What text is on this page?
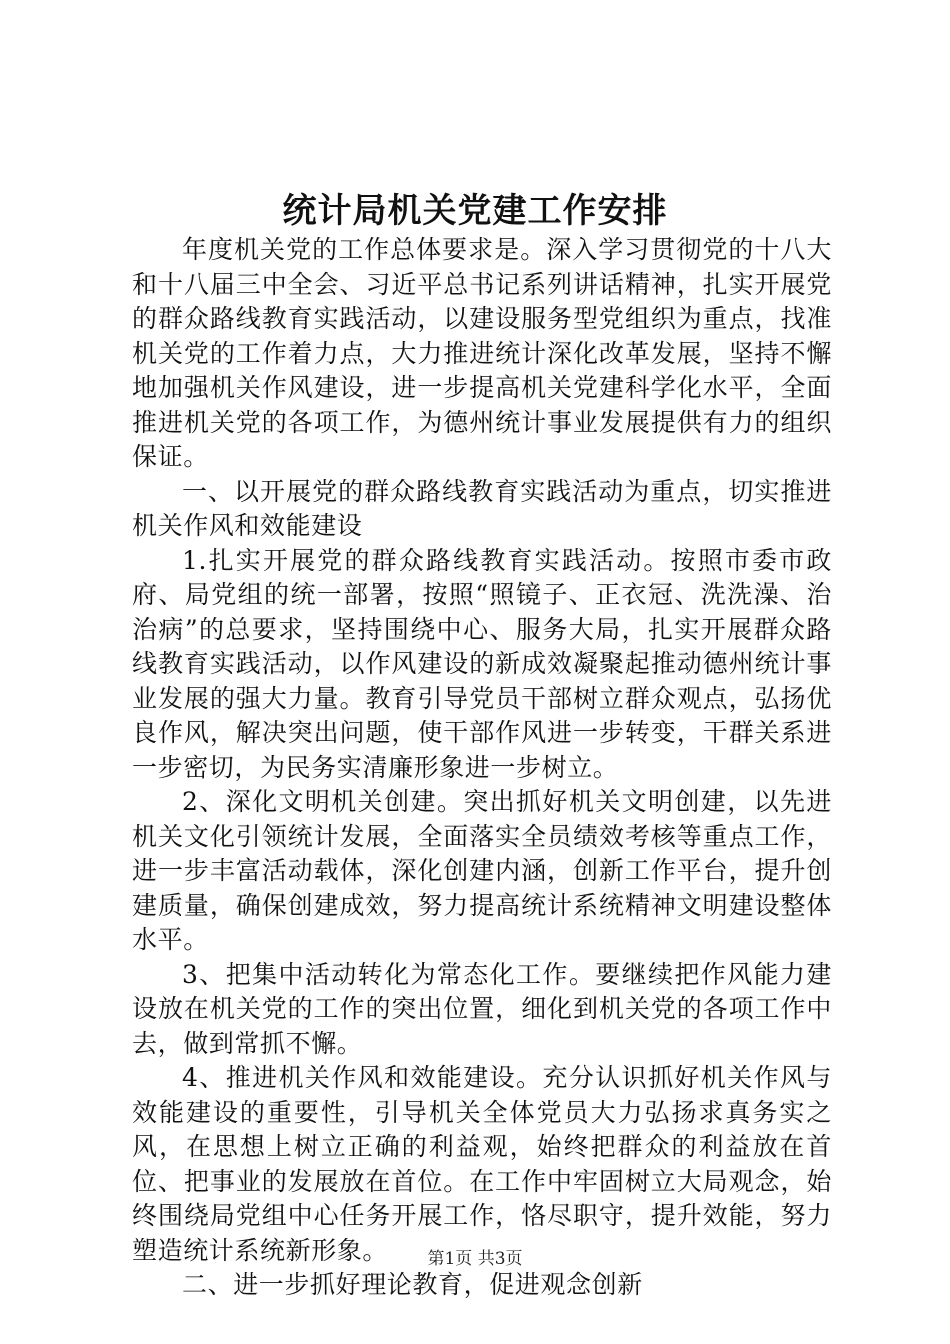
统计局机关党建工作安排

年度机关党的工作总体要求是。深入学习贯彻党的十八大和十八届三中全会、习近平总书记系列讲话精神，扎实开展党的群众路线教育实践活动，以建设服务型党组织为重点，找准机关党的工作着力点，大力推进统计深化改革发展，坚持不懈地加强机关作风建设，进一步提高机关党建科学化水平，全面推进机关党的各项工作，为德州统计事业发展提供有力的组织保证。

一、以开展党的群众路线教育实践活动为重点，切实推进机关作风和效能建设

1.扎实开展党的群众路线教育实践活动。按照市委市政府、局党组的统一部署，按照“照镜子、正衣冠、洗洗澡、治治病”的总要求，坚持围绕中心、服务大局，扎实开展群众路线教育实践活动，以作风建设的新成效凝聚起推动德州统计事业发展的强大力量。教育引导党员干部树立群众观点，弘扬优良作风，解决突出问题，使干部作风进一步转变，干群关系进一步密切，为民务实清廉形象进一步树立。

2、深化文明机关创建。突出抓好机关文明创建，以先进机关文化引领统计发展，全面落实全员绩效考核等重点工作，进一步丰富活动载体，深化创建内涵，创新工作平台，提升创建质量，确保创建成效，努力提高统计系统精神文明建设整体水平。

3、把集中活动转化为常态化工作。要继续把作风能力建设放在机关党的工作的突出位置，细化到机关党的各项工作中去，做到常抓不懈。

4、推进机关作风和效能建设。充分认识抓好机关作风与效能建设的重要性，引导机关全体党员大力弘扬求真务实之风，在思想上树立正确的利益观，始终把群众的利益放在首位、把事业的发展放在首位。在工作中牢固树立大局观念，始终围绕局党组中心任务开展工作，恪尽职守，提升效能，努力塑造统计系统新形象。

二、进一步抓好理论教育，促进观念创新

第1页 共3页
